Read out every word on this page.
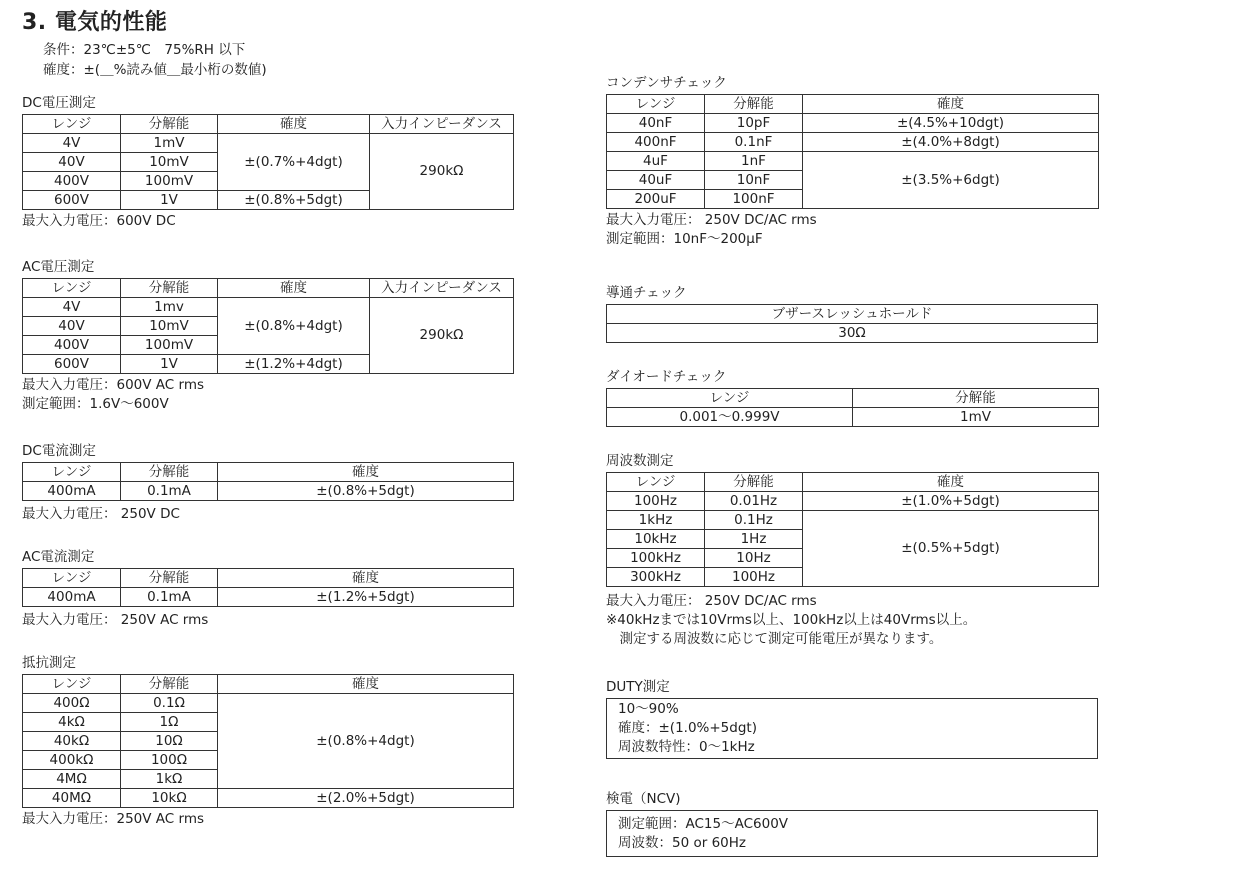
3. 電気的性能
条件：23℃±5℃　75%RH 以下
確度：±(＿%読み値＿最小桁の数値)
DC電圧測定
レンジ	分解能	確度	入力インピーダンス
4V	1mV	±(0.7%+4dgt)	290kΩ
40V	10mV		
400V	100mV		
600V	1V	±(0.8%+5dgt)	
最大入力電圧：600V DC
AC電圧測定
レンジ	分解能	確度	入力インピーダンス
4V	1mv	±(0.8%+4dgt)	290kΩ
40V	10mV		
400V	100mV		
600V	1V	±(1.2%+4dgt)	
最大入力電圧：600V AC rms
測定範囲：1.6V〜600V
DC電流測定
レンジ	分解能	確度
400mA	0.1mA	±(0.8%+5dgt)
最大入力電圧： 250V DC
AC電流測定
レンジ	分解能	確度
400mA	0.1mA	±(1.2%+5dgt)
最大入力電圧： 250V AC rms
抵抗測定
レンジ	分解能	確度
400Ω	0.1Ω	±(0.8%+4dgt)
4kΩ	1Ω	
40kΩ	10Ω	
400kΩ	100Ω	
4MΩ	1kΩ	
40MΩ	10kΩ	±(2.0%+5dgt)
最大入力電圧：250V AC rms
コンデンサチェック
レンジ	分解能	確度
40nF	10pF	±(4.5%+10dgt)
400nF	0.1nF	±(4.0%+8dgt)
4uF	1nF	±(3.5%+6dgt)
40uF	10nF	
200uF	100nF	
最大入力電圧： 250V DC/AC rms
測定範囲：10nF〜200μF
導通チェック
ブザースレッシュホールド
30Ω
ダイオードチェック
レンジ	分解能
0.001〜0.999V	1mV
周波数測定
レンジ	分解能	確度
100Hz	0.01Hz	±(1.0%+5dgt)
1kHz	0.1Hz	±(0.5%+5dgt)
10kHz	1Hz	
100kHz	10Hz	
300kHz	100Hz	
最大入力電圧： 250V DC/AC rms
※40kHzまでは10Vrms以上、100kHz以上は40Vrms以上。
　測定する周波数に応じて測定可能電圧が異なります。
DUTY測定
10〜90%
確度：±(1.0%+5dgt)
周波数特性：0〜1kHz
検電（NCV)
測定範囲：AC15〜AC600V
周波数：50 or 60Hz
